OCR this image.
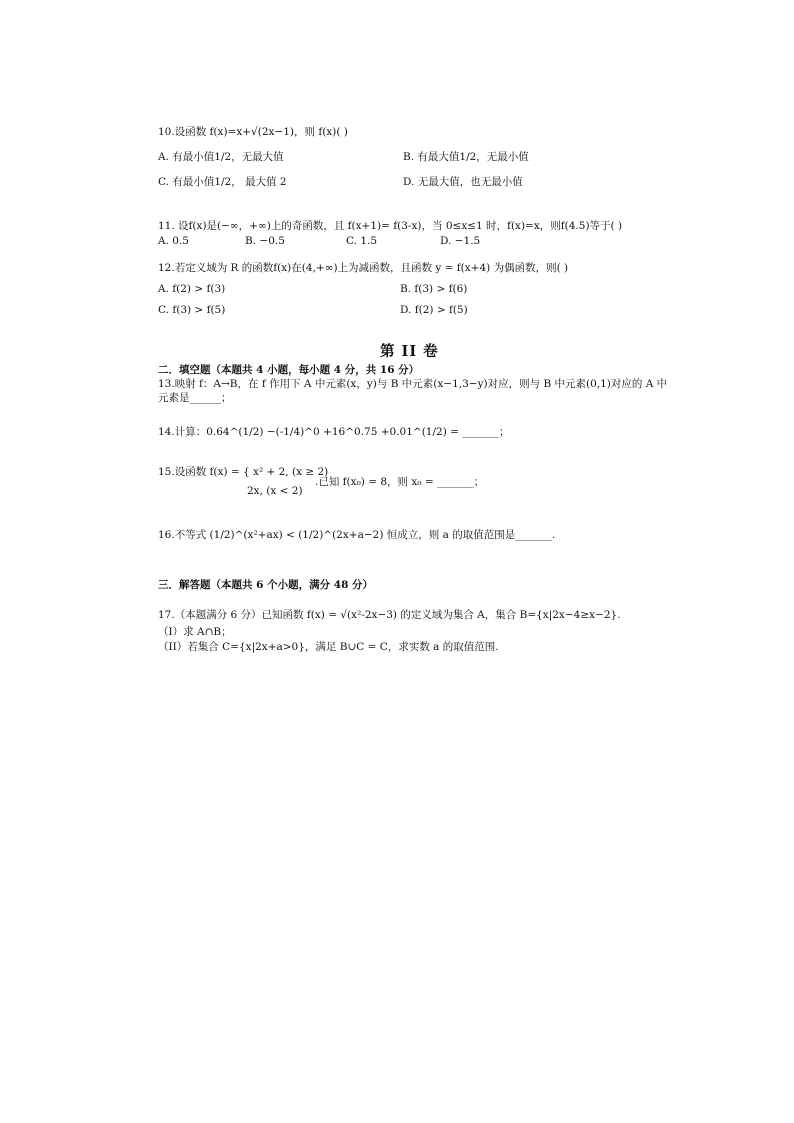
10.设函数 f(x)=x+√(2x−1)，则 f(x)( )
A. 有最小值1/2，无最大值	B. 有最大值1/2，无最小值
C. 有最小值1/2， 最大值 2	D. 无最大值，也无最小值
11. 设f(x)是(−∞，+∞)上的奇函数，且 f(x+1)= f(3-x)，当 0≤x≤1 时，f(x)=x，则f(4.5)等于( )
A. 0.5	B. −0.5	C. 1.5	D. −1.5
12.若定义域为 R 的函数f(x)在(4,+∞)上为减函数，且函数 y = f(x+4) 为偶函数，则( )
A. f(2) > f(3)	B. f(3) > f(6)
C. f(3) > f(5)	D. f(2) > f(5)
第 II 卷
二．填空题（本题共 4 小题，每小题 4 分，共 16 分）
13.映射 f：A→B，在 f 作用下 A 中元素(x，y)与 B 中元素(x−1,3−y)对应，则与 B 中元素(0,1)对应的 A 中
元素是______；
14.计算：0.64^(1/2) −(-1/4)^0 +16^0.75 +0.01^(1/2) = _______；
15.设函数 f(x) = { x² + 2, (x ≥ 2)
2x, (x < 2)
.已知 f(x₀) = 8，则 x₀ = _______；
16.不等式 (1/2)^(x²+ax) < (1/2)^(2x+a−2) 恒成立，则 a 的取值范围是_______.
三．解答题（本题共 6 个小题，满分 48 分）
17.（本题满分 6 分）已知函数 f(x) = √(x²-2x−3) 的定义域为集合 A，集合 B={x|2x−4≥x−2}.
（I）求 A∩B；
（II）若集合 C={x|2x+a>0}，满足 B∪C = C，求实数 a 的取值范围.
